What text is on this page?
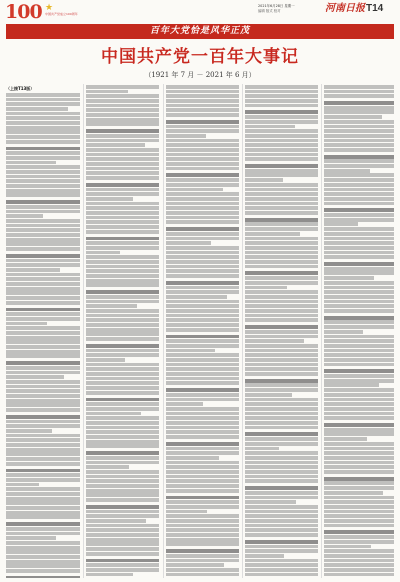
100 ★
中国共产党成立100周年
2021年6月28日 星期一
编辑 版式 校对	河南日报 T14
百年大党恰是风华正茂
中国共产党一百年大事记
（1921 年 7 月 － 2021 年 6 月）
（上接T13版）
